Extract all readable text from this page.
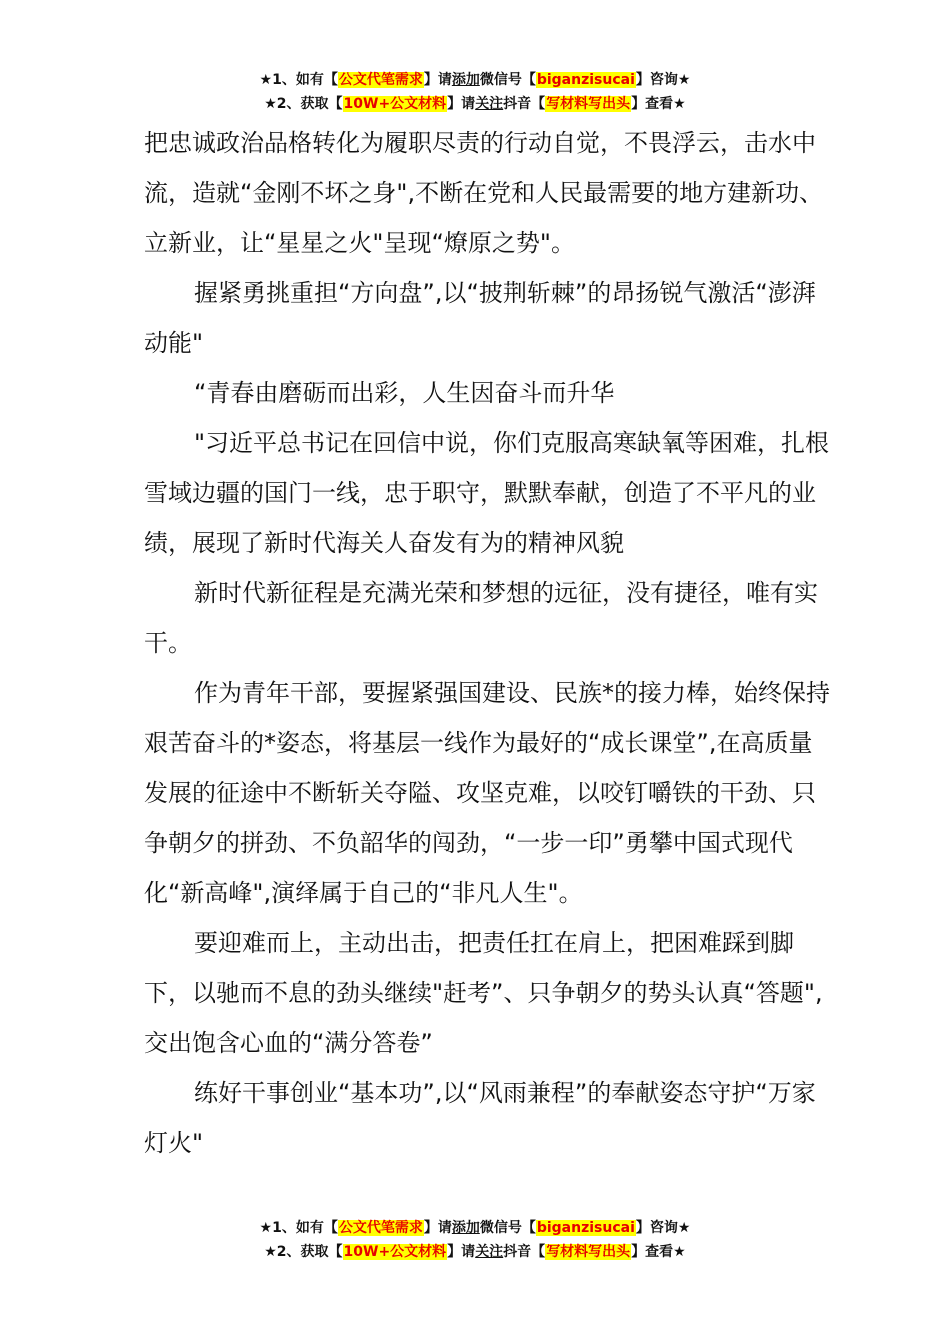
★1、如有【公文代笔需求】请添加微信号【biganzisucai】咨询★
★2、获取【10W+公文材料】请关注抖音【写材料写出头】查看★

把忠诚政治品格转化为履职尽责的行动自觉，不畏浮云，击水中流，造就“金刚不坏之身",不断在党和人民最需要的地方建新功、立新业，让“星星之火"呈现“燎原之势"。

握紧勇挑重担“方向盘”,以“披荆斩棘”的昂扬锐气激活“澎湃动能"

“青春由磨砺而出彩，人生因奋斗而升华

"习近平总书记在回信中说，你们克服高寒缺氧等困难，扎根雪域边疆的国门一线，忠于职守，默默奉献，创造了不平凡的业绩，展现了新时代海关人奋发有为的精神风貌

新时代新征程是充满光荣和梦想的远征，没有捷径，唯有实干。

作为青年干部，要握紧强国建设、民族*的接力棒，始终保持艰苦奋斗的*姿态，将基层一线作为最好的“成长课堂”,在高质量发展的征途中不断斩关夺隘、攻坚克难，以咬钉嚼铁的干劲、只争朝夕的拼劲、不负韶华的闯劲，“一步一印”勇攀中国式现代化“新高峰",演绎属于自己的“非凡人生"。

要迎难而上，主动出击，把责任扛在肩上，把困难踩到脚下，以驰而不息的劲头继续"赶考”、只争朝夕的势头认真“答题",交出饱含心血的“满分答卷”

练好干事创业“基本功”,以“风雨兼程”的奉献姿态守护“万家灯火"

★1、如有【公文代笔需求】请添加微信号【biganzisucai】咨询★
★2、获取【10W+公文材料】请关注抖音【写材料写出头】查看★
